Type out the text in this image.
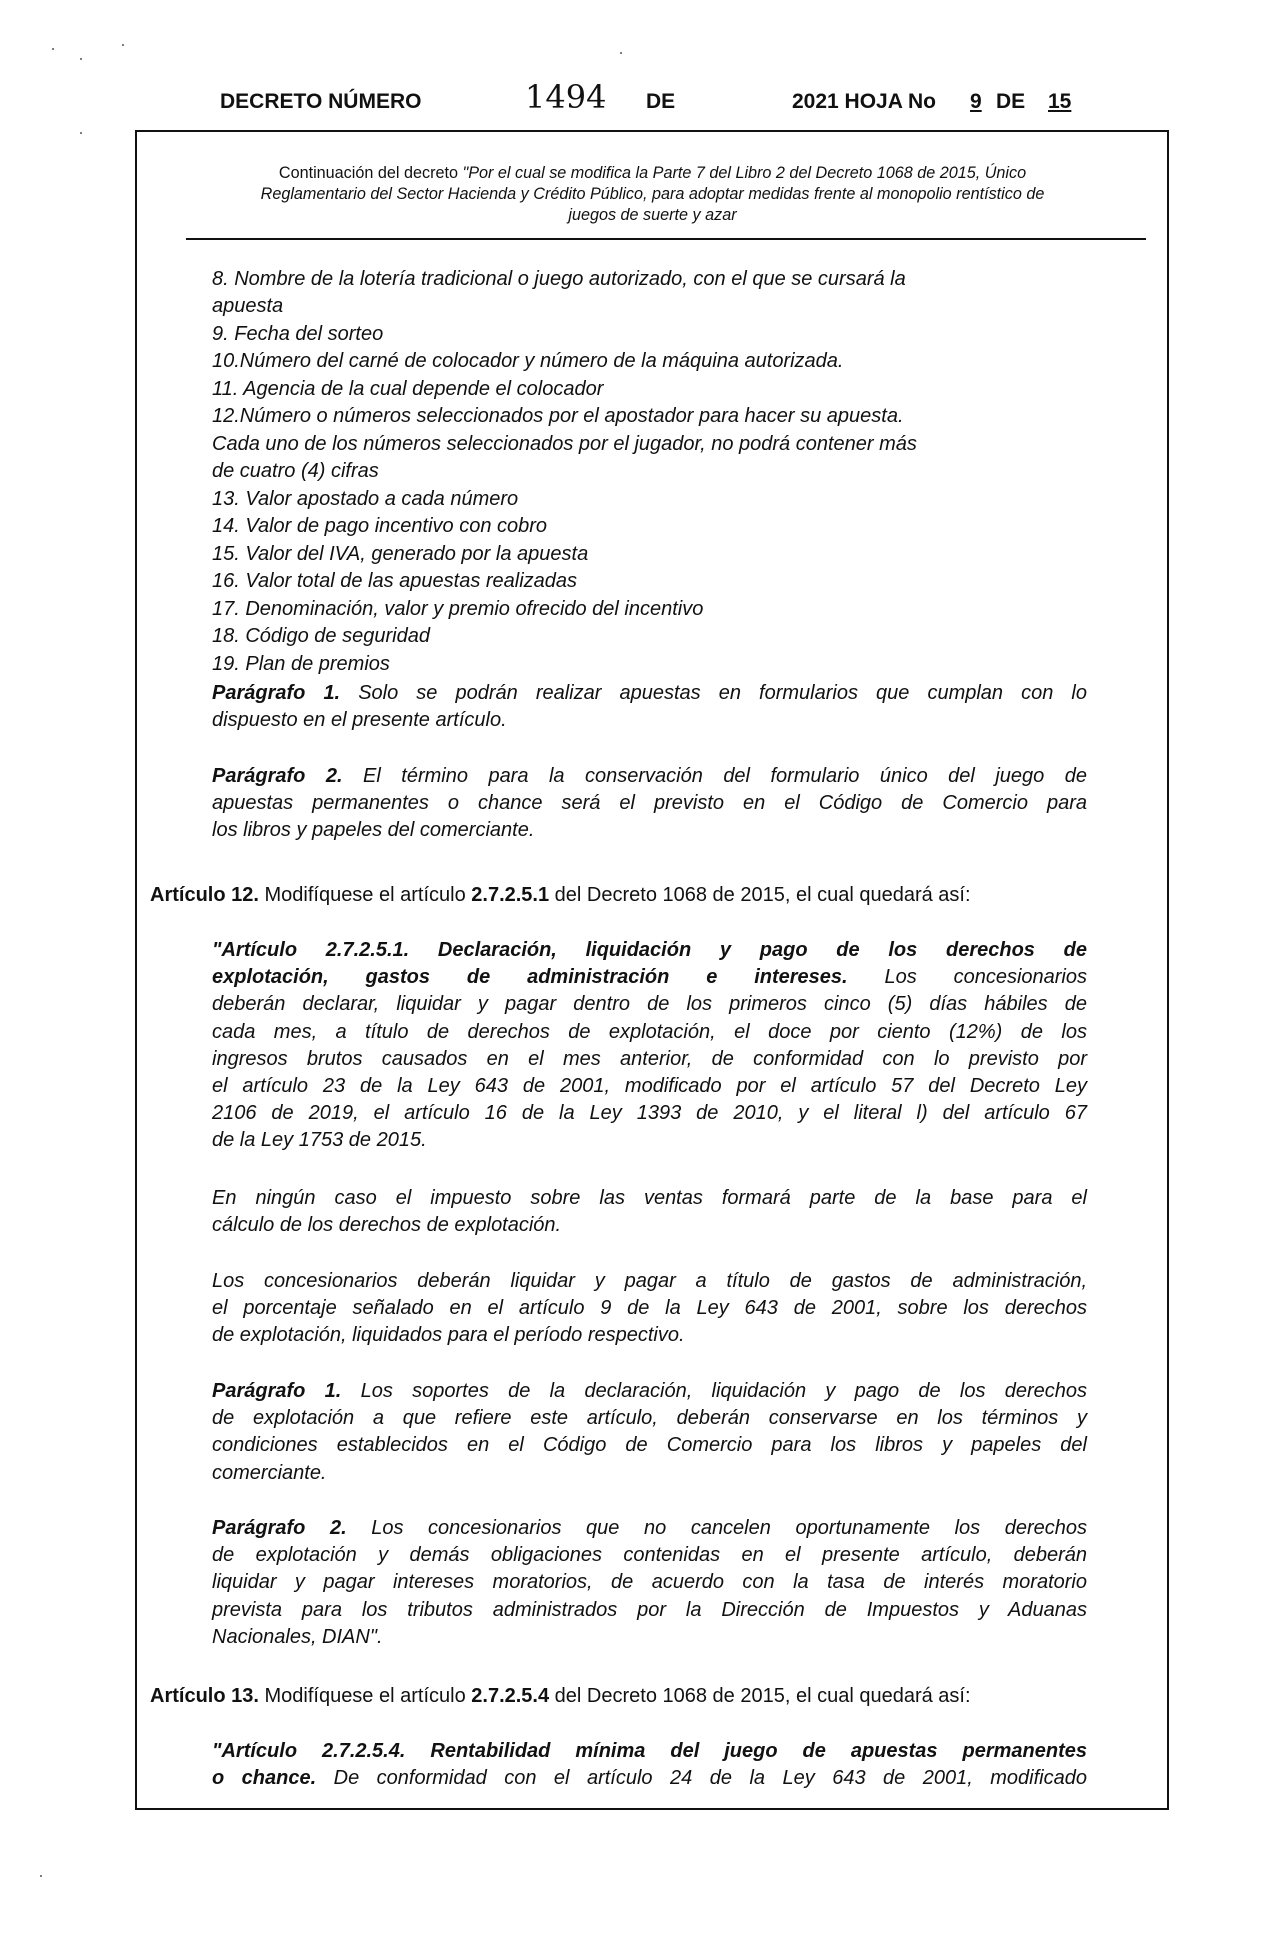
DECRETO NÚMERO	1494 DE	2021 HOJA No 9 DE 15
Continuación del decreto "Por el cual se modifica la Parte 7 del Libro 2 del Decreto 1068 de 2015, Único
Reglamentario del Sector Hacienda y Crédito Público, para adoptar medidas frente al monopolio rentístico de
juegos de suerte y azar
8. Nombre de la lotería tradicional o juego autorizado, con el que se cursará la
apuesta
9. Fecha del sorteo
10.Número del carné de colocador y número de la máquina autorizada.
11. Agencia de la cual depende el colocador
12.Número o números seleccionados por el apostador para hacer su apuesta.
Cada uno de los números seleccionados por el jugador, no podrá contener más
de cuatro (4) cifras
13. Valor apostado a cada número
14. Valor de pago incentivo con cobro
15. Valor del IVA, generado por la apuesta
16. Valor total de las apuestas realizadas
17. Denominación, valor y premio ofrecido del incentivo
18. Código de seguridad
19. Plan de premios
Parágrafo 1. Solo se podrán realizar apuestas en formularios que cumplan con lo
dispuesto en el presente artículo.
Parágrafo 2. El término para la conservación del formulario único del juego de
apuestas permanentes o chance será el previsto en el Código de Comercio para
los libros y papeles del comerciante.
Artículo 12. Modifíquese el artículo 2.7.2.5.1 del Decreto 1068 de 2015, el cual quedará así:
"Artículo 2.7.2.5.1. Declaración, liquidación y pago de los derechos de
explotación, gastos de administración e intereses. Los concesionarios
deberán declarar, liquidar y pagar dentro de los primeros cinco (5) días hábiles de
cada mes, a título de derechos de explotación, el doce por ciento (12%) de los
ingresos brutos causados en el mes anterior, de conformidad con lo previsto por
el artículo 23 de la Ley 643 de 2001, modificado por el artículo 57 del Decreto Ley
2106 de 2019, el artículo 16 de la Ley 1393 de 2010, y el literal l) del artículo 67
de la Ley 1753 de 2015.
En ningún caso el impuesto sobre las ventas formará parte de la base para el
cálculo de los derechos de explotación.
Los concesionarios deberán liquidar y pagar a título de gastos de administración,
el porcentaje señalado en el artículo 9 de la Ley 643 de 2001, sobre los derechos
de explotación, liquidados para el período respectivo.
Parágrafo 1. Los soportes de la declaración, liquidación y pago de los derechos
de explotación a que refiere este artículo, deberán conservarse en los términos y
condiciones establecidos en el Código de Comercio para los libros y papeles del
comerciante.
Parágrafo 2. Los concesionarios que no cancelen oportunamente los derechos
de explotación y demás obligaciones contenidas en el presente artículo, deberán
liquidar y pagar intereses moratorios, de acuerdo con la tasa de interés moratorio
prevista para los tributos administrados por la Dirección de Impuestos y Aduanas
Nacionales, DIAN".
Artículo 13. Modifíquese el artículo 2.7.2.5.4 del Decreto 1068 de 2015, el cual quedará así:
"Artículo 2.7.2.5.4. Rentabilidad mínima del juego de apuestas permanentes
o chance. De conformidad con el artículo 24 de la Ley 643 de 2001, modificado
